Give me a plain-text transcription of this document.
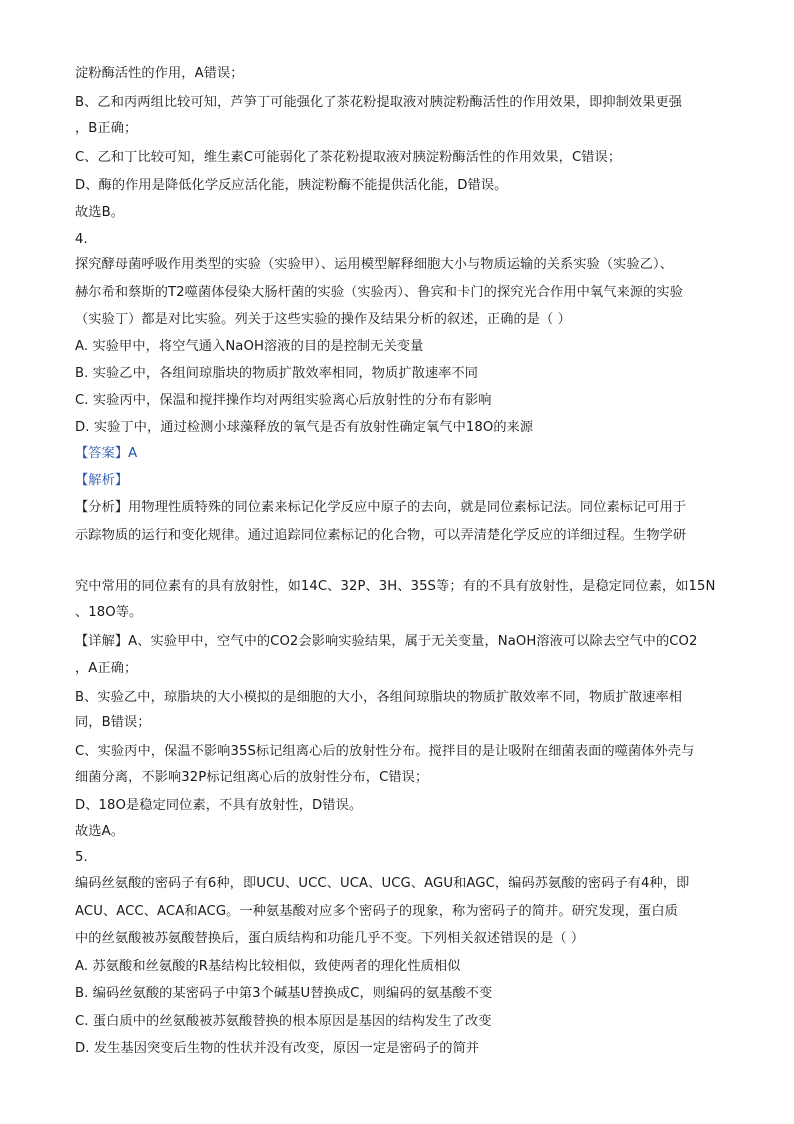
淀粉酶活性的作用，A错误；
B、乙和丙两组比较可知，芦笋丁可能强化了茶花粉提取液对胰淀粉酶活性的作用效果，即抑制效果更强
，B正确；
C、乙和丁比较可知，维生素C可能弱化了茶花粉提取液对胰淀粉酶活性的作用效果，C错误；
D、酶的作用是降低化学反应活化能，胰淀粉酶不能提供活化能，D错误。
故选B。
4.
探究酵母菌呼吸作用类型的实验（实验甲）、运用模型解释细胞大小与物质运输的关系实验（实验乙）、
赫尔希和蔡斯的T2噬菌体侵染大肠杆菌的实验（实验丙）、鲁宾和卡门的探究光合作用中氧气来源的实验
（实验丁）都是对比实验。列关于这些实验的操作及结果分析的叙述，正确的是（ ）
A. 实验甲中，将空气通入NaOH溶液的目的是控制无关变量
B. 实验乙中，各组间琼脂块的物质扩散效率相同，物质扩散速率不同
C. 实验丙中，保温和搅拌操作均对两组实验离心后放射性的分布有影响
D. 实验丁中，通过检测小球藻释放的氧气是否有放射性确定氧气中18O的来源
【答案】A
【解析】
【分析】用物理性质特殊的同位素来标记化学反应中原子的去向，就是同位素标记法。同位素标记可用于
示踪物质的运行和变化规律。通过追踪同位素标记的化合物，可以弄清楚化学反应的详细过程。生物学研
究中常用的同位素有的具有放射性，如14C、32P、3H、35S等；有的不具有放射性，是稳定同位素，如15N
、18O等。
【详解】A、实验甲中，空气中的CO2会影响实验结果，属于无关变量，NaOH溶液可以除去空气中的CO2
，A正确；
B、实验乙中，琼脂块的大小模拟的是细胞的大小，各组间琼脂块的物质扩散效率不同，物质扩散速率相
同，B错误；
C、实验丙中，保温不影响35S标记组离心后的放射性分布。搅拌目的是让吸附在细菌表面的噬菌体外壳与
细菌分离，不影响32P标记组离心后的放射性分布，C错误；
D、18O是稳定同位素，不具有放射性，D错误。
故选A。
5.
编码丝氨酸的密码子有6种，即UCU、UCC、UCA、UCG、AGU和AGC，编码苏氨酸的密码子有4种，即
ACU、ACC、ACA和ACG。一种氨基酸对应多个密码子的现象，称为密码子的简并。研究发现，蛋白质
中的丝氨酸被苏氨酸替换后，蛋白质结构和功能几乎不变。下列相关叙述错误的是（ ）
A. 苏氨酸和丝氨酸的R基结构比较相似，致使两者的理化性质相似
B. 编码丝氨酸的某密码子中第3个碱基U替换成C，则编码的氨基酸不变
C. 蛋白质中的丝氨酸被苏氨酸替换的根本原因是基因的结构发生了改变
D. 发生基因突变后生物的性状并没有改变，原因一定是密码子的简并
